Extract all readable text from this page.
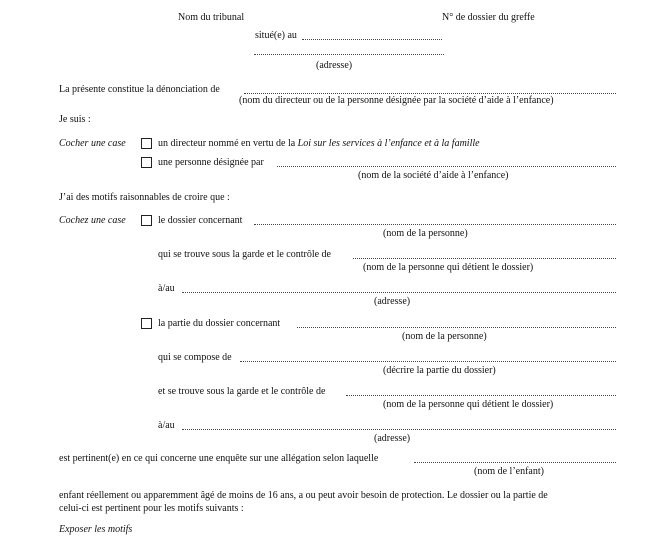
Nom du tribunal	N° de dossier du greffe
situé(e) au
(adresse)
La présente constitue la dénonciation de
(nom du directeur ou de la personne désignée par la société d’aide à l’enfance)
Je suis :
Cocher une case	un directeur nommé en vertu de la Loi sur les services à l’enfance et à la famille
une personne désignée par
(nom de la société d’aide à l’enfance)
J’ai des motifs raisonnables de croire que :
Cochez une case	le dossier concernant
(nom de la personne)
qui se trouve sous la garde et le contrôle de
(nom de la personne qui détient le dossier)
à/au
(adresse)
la partie du dossier concernant
(nom de la personne)
qui se compose de
(décrire la partie du dossier)
et se trouve sous la garde et le contrôle de
(nom de la personne qui détient le dossier)
à/au
(adresse)
est pertinent(e) en ce qui concerne une enquête sur une allégation selon laquelle
(nom de l’enfant)
enfant réellement ou apparemment âgé de moins de 16 ans, a ou peut avoir besoin de protection. Le dossier ou la partie de
celui-ci est pertinent pour les motifs suivants :
Exposer les motifs
